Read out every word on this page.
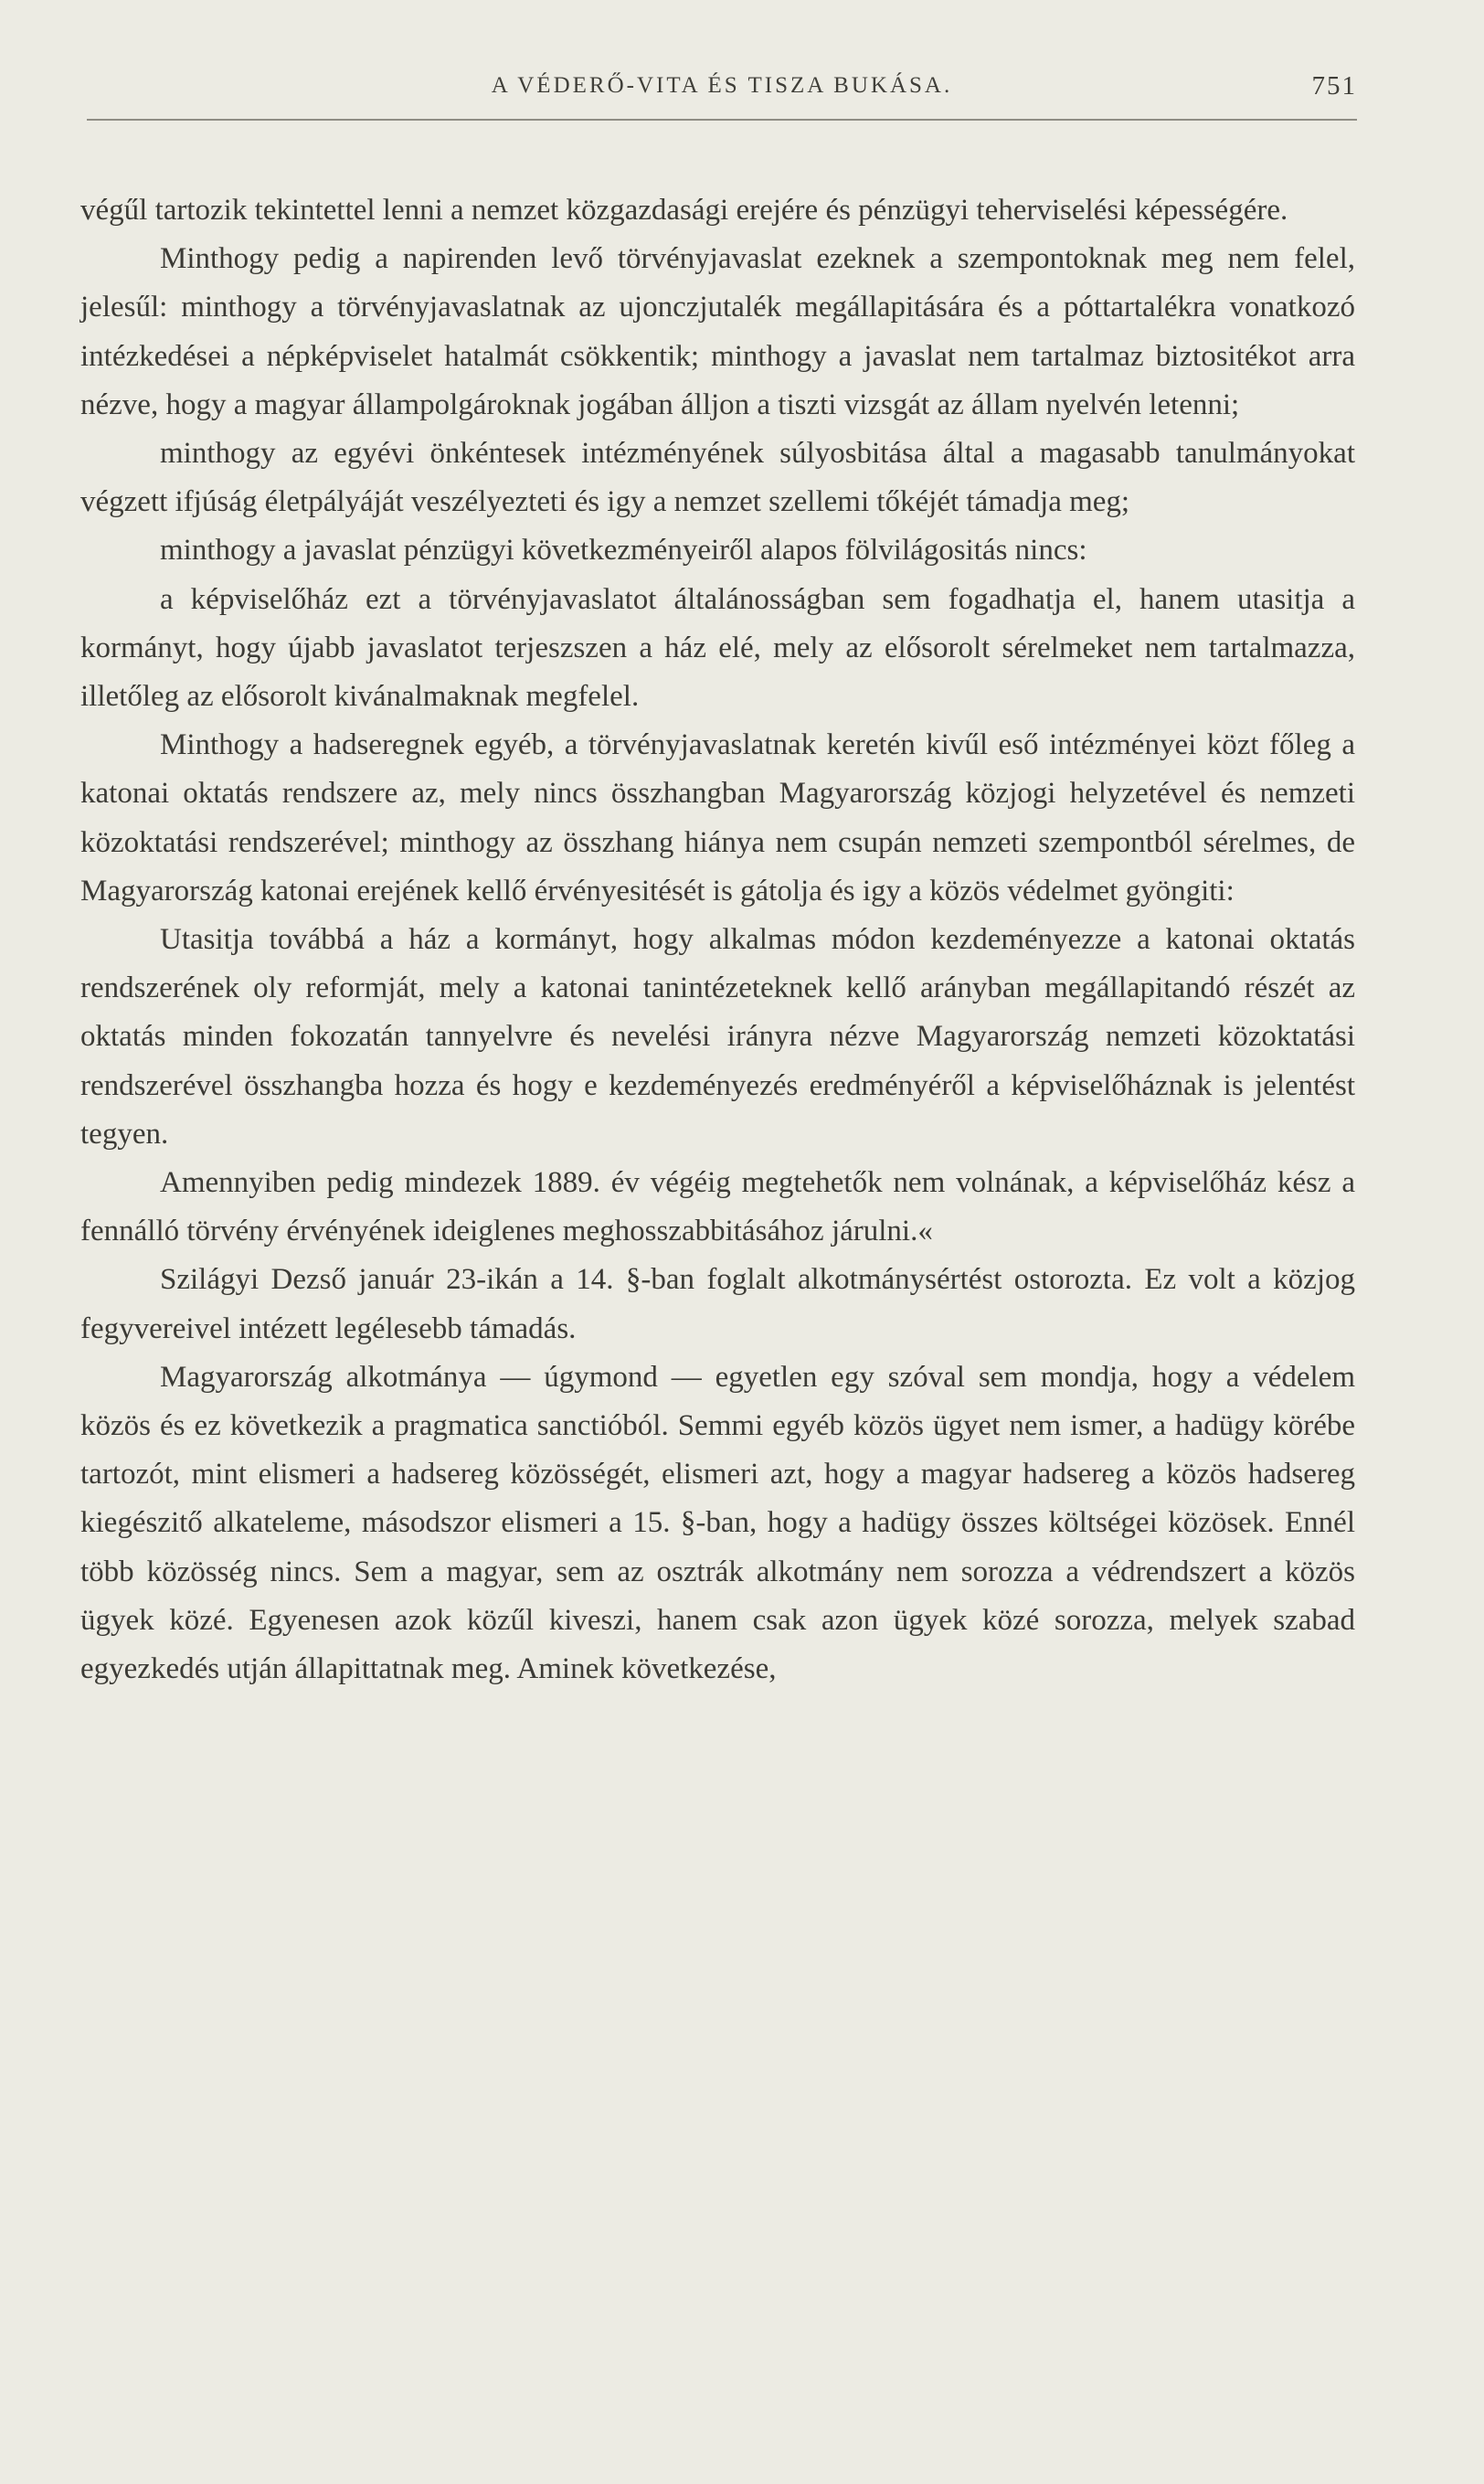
A VÉDERŐ-VITA ÉS TISZA BUKÁSA.	751

végűl tartozik tekintettel lenni a nemzet közgazdasági erejére és pénzügyi teherviselési képességére.

Minthogy pedig a napirenden levő törvényjavaslat ezeknek a szempontoknak meg nem felel, jelesűl: minthogy a törvényjavaslatnak az ujonczjutalék megállapitására és a póttartalékra vonatkozó intézkedései a népképviselet hatalmát csökkentik; minthogy a javaslat nem tartalmaz biztositékot arra nézve, hogy a magyar állampolgároknak jogában álljon a tiszti vizsgát az állam nyelvén letenni;

minthogy az egyévi önkéntesek intézményének súlyosbitása által a magasabb tanulmányokat végzett ifjúság életpályáját veszélyezteti és igy a nemzet szellemi tőkéjét támadja meg;

minthogy a javaslat pénzügyi következményeiről alapos fölvilágositás nincs:

a képviselőház ezt a törvényjavaslatot általánosságban sem fogadhatja el, hanem utasitja a kormányt, hogy újabb javaslatot terjeszszen a ház elé, mely az elősorolt sérelmeket nem tartalmazza, illetőleg az elősorolt kivánalmaknak megfelel.

Minthogy a hadseregnek egyéb, a törvényjavaslatnak keretén kivűl eső intézményei közt főleg a katonai oktatás rendszere az, mely nincs összhangban Magyarország közjogi helyzetével és nemzeti közoktatási rendszerével; minthogy az összhang hiánya nem csupán nemzeti szempontból sérelmes, de Magyarország katonai erejének kellő érvényesitését is gátolja és igy a közös védelmet gyöngiti:

Utasitja továbbá a ház a kormányt, hogy alkalmas módon kezdeményezze a katonai oktatás rendszerének oly reformját, mely a katonai tanintézeteknek kellő arányban megállapitandó részét az oktatás minden fokozatán tannyelvre és nevelési irányra nézve Magyarország nemzeti közoktatási rendszerével összhangba hozza és hogy e kezdeményezés eredményéről a képviselőháznak is jelentést tegyen.

Amennyiben pedig mindezek 1889. év végéig megtehetők nem volnának, a képviselőház kész a fennálló törvény érvényének ideiglenes meghosszabbitásához járulni.«

Szilágyi Dezső január 23-ikán a 14. §-ban foglalt alkotmánysértést ostorozta. Ez volt a közjog fegyvereivel intézett legélesebb támadás.

Magyarország alkotmánya — úgymond — egyetlen egy szóval sem mondja, hogy a védelem közös és ez következik a pragmatica sanctióból. Semmi egyéb közös ügyet nem ismer, a hadügy körébe tartozót, mint elismeri a hadsereg közösségét, elismeri azt, hogy a magyar hadsereg a közös hadsereg kiegészitő alkateleme, másodszor elismeri a 15. §-ban, hogy a hadügy összes költségei közösek. Ennél több közösség nincs. Sem a magyar, sem az osztrák alkotmány nem sorozza a védrendszert a közös ügyek közé. Egyenesen azok közűl kiveszi, hanem csak azon ügyek közé sorozza, melyek szabad egyezkedés utján állapittatnak meg. Aminek következése,
